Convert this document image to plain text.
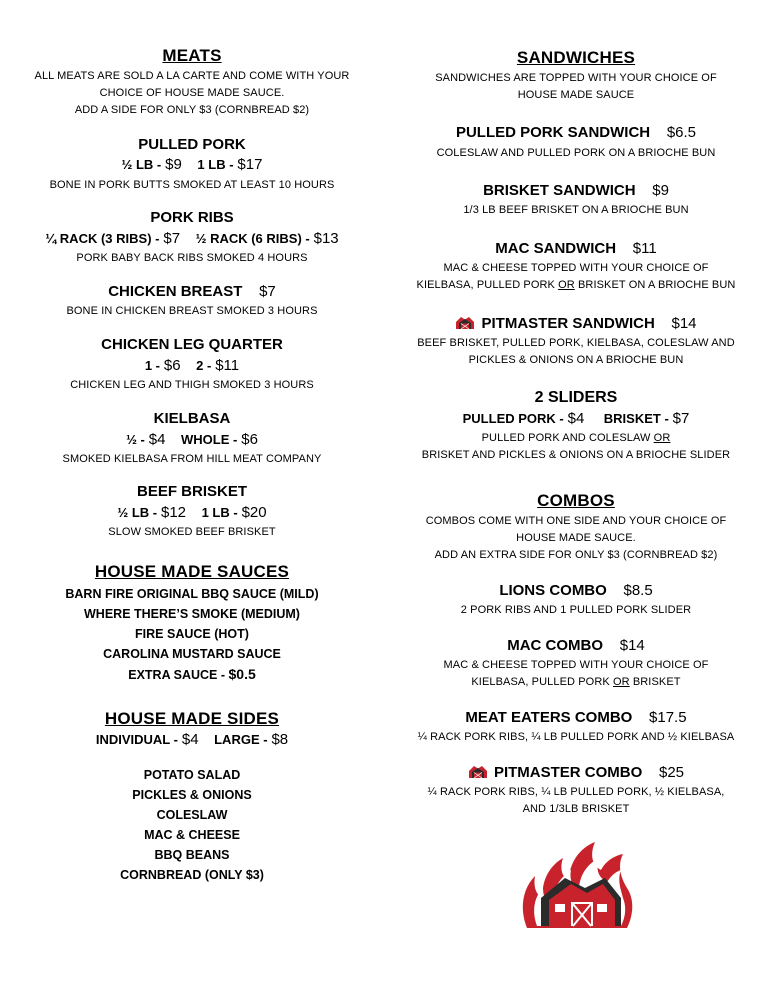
MEATS
ALL MEATS ARE SOLD A LA CARTE AND COME WITH YOUR
CHOICE OF HOUSE MADE SAUCE.
ADD A SIDE FOR ONLY $3 (CORNBREAD $2)
PULLED PORK
½ LB - $9 1 LB - $17
BONE IN PORK BUTTS SMOKED AT LEAST 10 HOURS
PORK RIBS
¼ RACK (3 RIBS) - $7 ½ RACK (6 RIBS) - $13
PORK BABY BACK RIBS SMOKED 4 HOURS
CHICKEN BREAST $7
BONE IN CHICKEN BREAST SMOKED 3 HOURS
CHICKEN LEG QUARTER
1 - $6 2 - $11
CHICKEN LEG AND THIGH SMOKED 3 HOURS
KIELBASA
½ - $4 WHOLE - $6
SMOKED KIELBASA FROM HILL MEAT COMPANY
BEEF BRISKET
½ LB - $12 1 LB - $20
SLOW SMOKED BEEF BRISKET
HOUSE MADE SAUCES
BARN FIRE ORIGINAL BBQ SAUCE (MILD)
WHERE THERE’S SMOKE (MEDIUM)
FIRE SAUCE (HOT)
CAROLINA MUSTARD SAUCE
EXTRA SAUCE - $0.5
HOUSE MADE SIDES
INDIVIDUAL - $4 LARGE - $8
POTATO SALAD
PICKLES & ONIONS
COLESLAW
MAC & CHEESE
BBQ BEANS
CORNBREAD (ONLY $3)
SANDWICHES
SANDWICHES ARE TOPPED WITH YOUR CHOICE OF
HOUSE MADE SAUCE
PULLED PORK SANDWICH $6.5
COLESLAW AND PULLED PORK ON A BRIOCHE BUN
BRISKET SANDWICH $9
1/3 LB BEEF BRISKET ON A BRIOCHE BUN
MAC SANDWICH $11
MAC & CHEESE TOPPED WITH YOUR CHOICE OF
KIELBASA, PULLED PORK OR BRISKET ON A BRIOCHE BUN
PITMASTER SANDWICH $14
BEEF BRISKET, PULLED PORK, KIELBASA, COLESLAW AND
PICKLES & ONIONS ON A BRIOCHE BUN
2 SLIDERS
PULLED PORK - $4 BRISKET - $7
PULLED PORK AND COLESLAW OR
BRISKET AND PICKLES & ONIONS ON A BRIOCHE SLIDER
COMBOS
COMBOS COME WITH ONE SIDE AND YOUR CHOICE OF
HOUSE MADE SAUCE.
ADD AN EXTRA SIDE FOR ONLY $3 (CORNBREAD $2)
LIONS COMBO $8.5
2 PORK RIBS AND 1 PULLED PORK SLIDER
MAC COMBO $14
MAC & CHEESE TOPPED WITH YOUR CHOICE OF
KIELBASA, PULLED PORK OR BRISKET
MEAT EATERS COMBO $17.5
¼ RACK PORK RIBS, ¼ LB PULLED PORK AND ½ KIELBASA
PITMASTER COMBO $25
¼ RACK PORK RIBS, ¼ LB PULLED PORK, ½ KIELBASA,
AND 1/3LB BRISKET
